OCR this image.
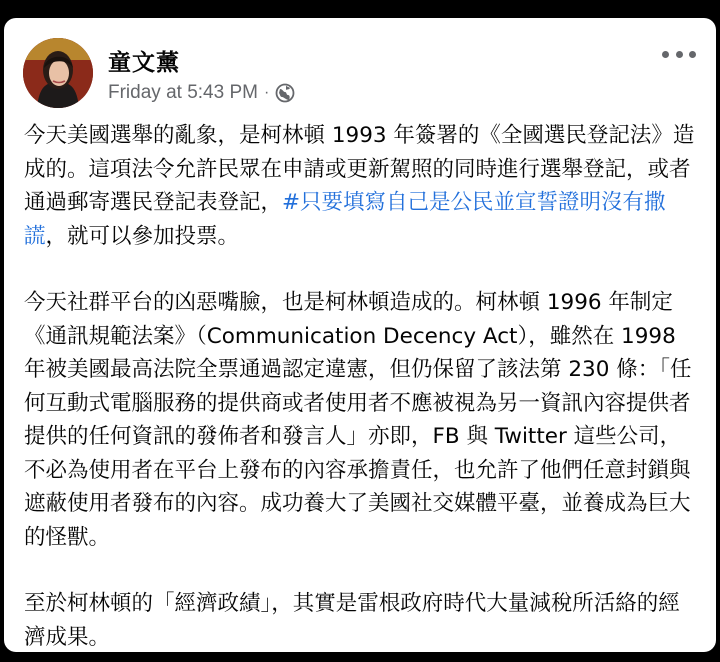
童文薰
Friday at 5:43 PM ·

今天美國選舉的亂象，是柯林頓 1993 年簽署的《全國選民登記法》造成的。這項法令允許民眾在申請或更新駕照的同時進行選舉登記，或者通過郵寄選民登記表登記，#只要填寫自己是公民並宣誓證明沒有撒謊，就可以參加投票。

今天社群平台的凶惡嘴臉，也是柯林頓造成的。柯林頓 1996 年制定《通訊規範法案》（Communication Decency Act），雖然在 1998 年被美國最高法院全票通過認定違憲，但仍保留了該法第 230 條：「任何互動式電腦服務的提供商或者使用者不應被視為另一資訊內容提供者提供的任何資訊的發佈者和發言人」亦即，FB 與 Twitter 這些公司，不必為使用者在平台上發布的內容承擔責任，也允許了他們任意封鎖與遮蔽使用者發布的內容。成功養大了美國社交媒體平臺，並養成為巨大的怪獸。

至於柯林頓的「經濟政績」，其實是雷根政府時代大量減稅所活絡的經濟成果。
